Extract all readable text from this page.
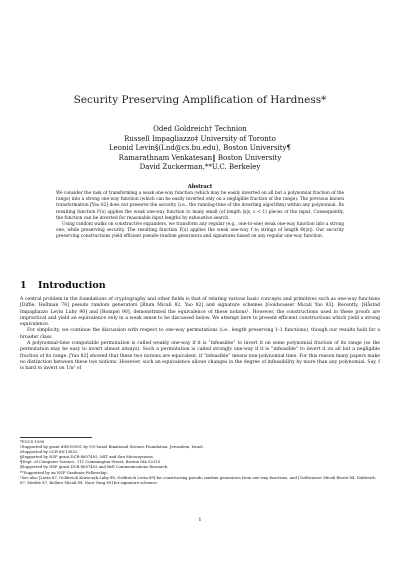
Security Preserving Amplification of Hardness*
Oded Goldreich† Technion
Russell Impagliazzo‡ University of Toronto
Leonid Levin§(Lnd@cs.bu.edu), Boston University¶
Ramarathnam Venkatesan‖ Boston University
David Zuckerman,**U.C. Berkeley
Abstract

We consider the task of transforming a weak one-way function (which may be easily inverted on all but a polynomial fraction of the range) into a strong one-way function (which can be easily inverted only on a negligible fraction of the range). The previous known transformation [Yao 82] does not preserve the security (i.e., the running-time of the inverting algorithm) within any polynomial. Its resulting function F(x) applies the weak one-way function to many small (of length |x|ε, ε < 1) pieces of the input. Consequently, the function can be inverted for reasonable input lengths by exhaustive search.

Using random walks on constructive expanders, we transform any regular (e.g., one-to-one) weak one-way function into a strong one, while preserving security. The resulting function F(x) applies the weak one-way f to strings of length Θ(|x|). Our security preserving constructions yield efficient pseudo-random generators and signatures based on any regular one-way function.

1 Introduction

A central problem in the foundations of cryptography and other fields is that of relating various basic concepts and primitives such as one-way functions [Diffie, Hellman 76] pseudo random generators [Blum Micali 82, Yao 82] and signature schemes [Goldwasser Micali Yao 83]. Recently, [Håstad Impagliazzo Levin Luby 90] and [Rompel 90], demonstrated the equivalence of these notions¹. However, the constructions used in these proofs are impractical and yield an equivalence only in a weak sense to be discussed below. We attempt here to present efficient constructions which yield a strong equivalence.

For simplicity, we continue the discussion with respect to one-way permutations (i.e., length preserving 1-1 functions), though our results hold for a broader class.

A polynomial-time computable permutation is called weakly one-way if it is “infeasible” to invert it on some polynomial fraction of its range (so the permutation may be easy to invert almost always). Such a permutation is called strongly one-way if it is “infeasible” to invert it on all but a negligible fraction of its range. [Yao 82] showed that these two notions are equivalent, if “infeasible” means non-polynomial time. For this reason many papers make no distinction between these two notions. However, such an equivalence allows changes in the degree of infeasibility by more than any polynomial. Say, f is hard to invert on 1/n³ of

*FOCS-1990
†Supported by grant #86-00301 by US-Israel Binational Science Foundation, Jerusalem, Israel.
‡Supported by CCR-88-13632.
§Supported by NSF grant DCR-8607492, MIT and Sun Microsystems.
¶Dept. of Computer Science, 111 Cummington Street, Boston MA 02215.
‖Supported by NSF grant DCR-8607492 and Bell Communications Research.
**Supported by an NSF Graduate Fellowship.
¹See also [Levin 87, Goldreich Krawczyk Luby 88, Goldreich Levin 89] for constructing pseudo random generators from one-way functions, and [Goldwasser Micali Rivest 84, Goldreich 87, Merkle 87, Bellare Micali 88, Naor Yung 89] for signature schemes.
1
